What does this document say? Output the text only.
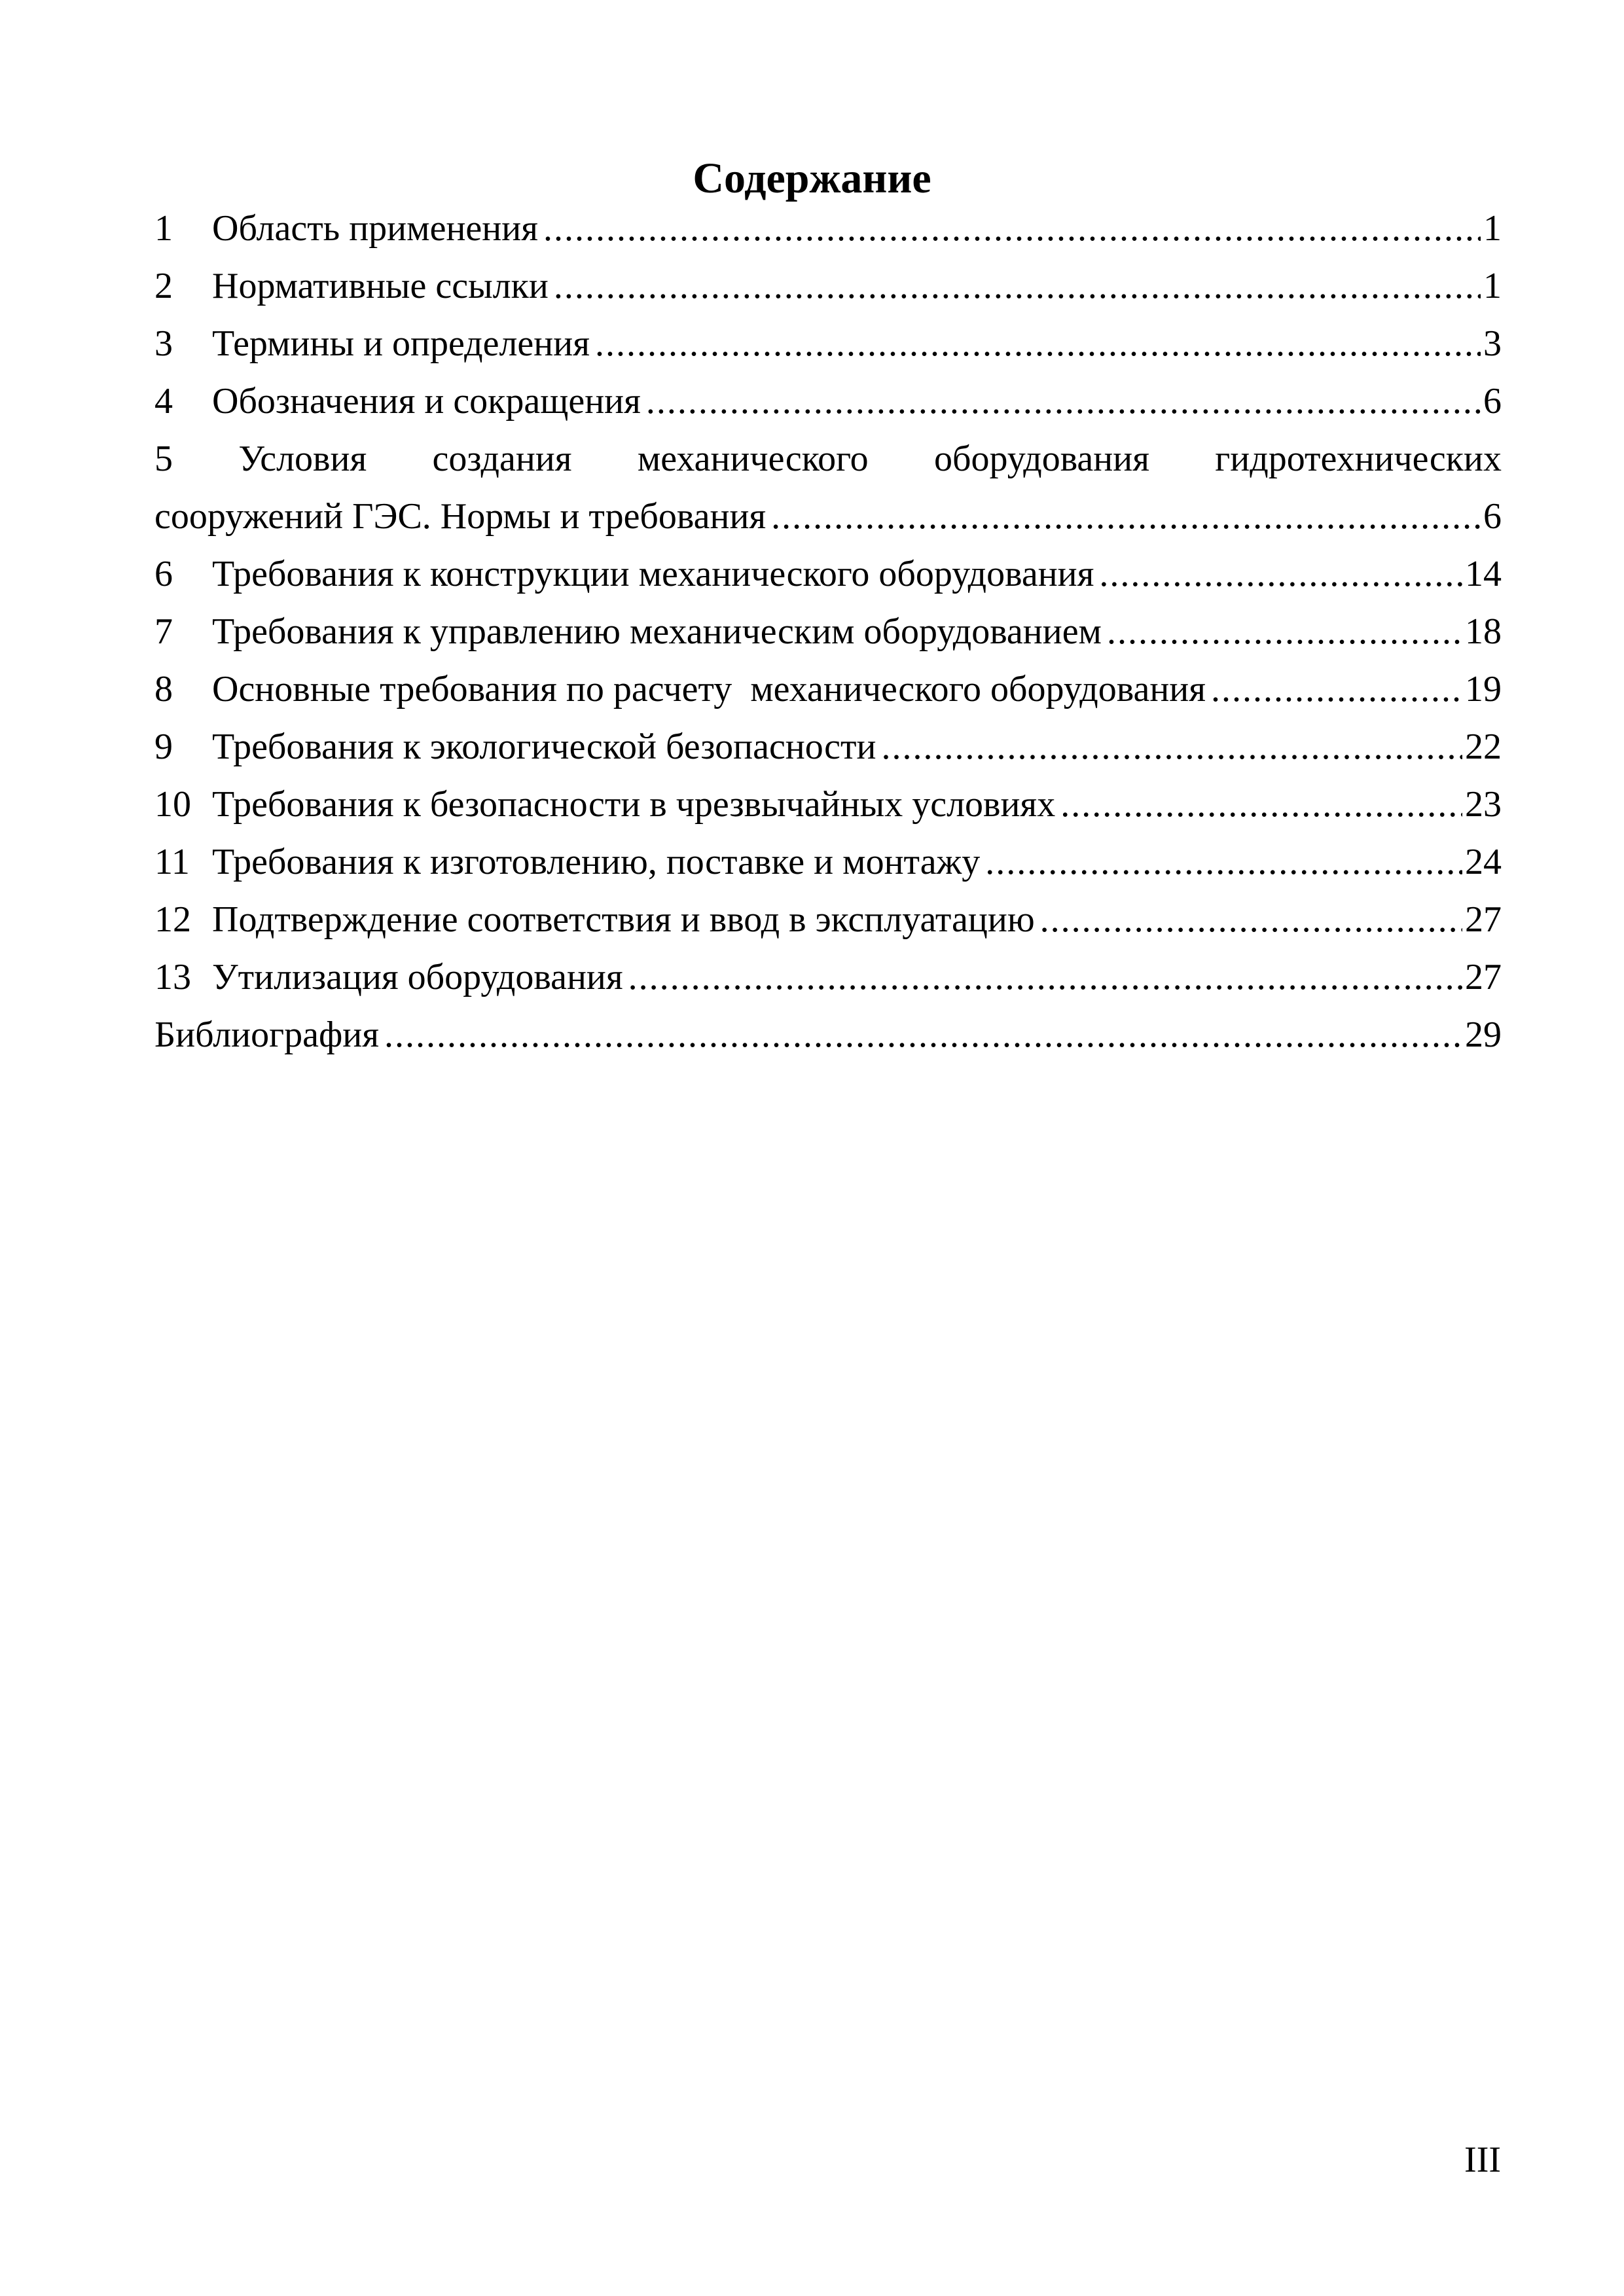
Содержание
1	Область применения . . .	1
2	Нормативные ссылки . . .	1
3	Термины и определения . . .	3
4	Обозначения и сокращения . . .	6
5 Условия создания механического оборудования гидротехнических
сооружений ГЭС. Нормы и требования . . .	6
6	Требования к конструкции механического оборудования . . .	14
7	Требования к управлению механическим оборудованием . . .	18
8	Основные требования по расчету  механического оборудования . . .	19
9	Требования к экологической безопасности . . .	22
10 Требования к безопасности в чрезвычайных условиях . . .	23
11 Требования к изготовлению, поставке и монтажу . . .	24
12 Подтверждение соответствия и ввод в эксплуатацию . . .	27
13 Утилизация оборудования . . .	27
Библиография . . .	29
III
